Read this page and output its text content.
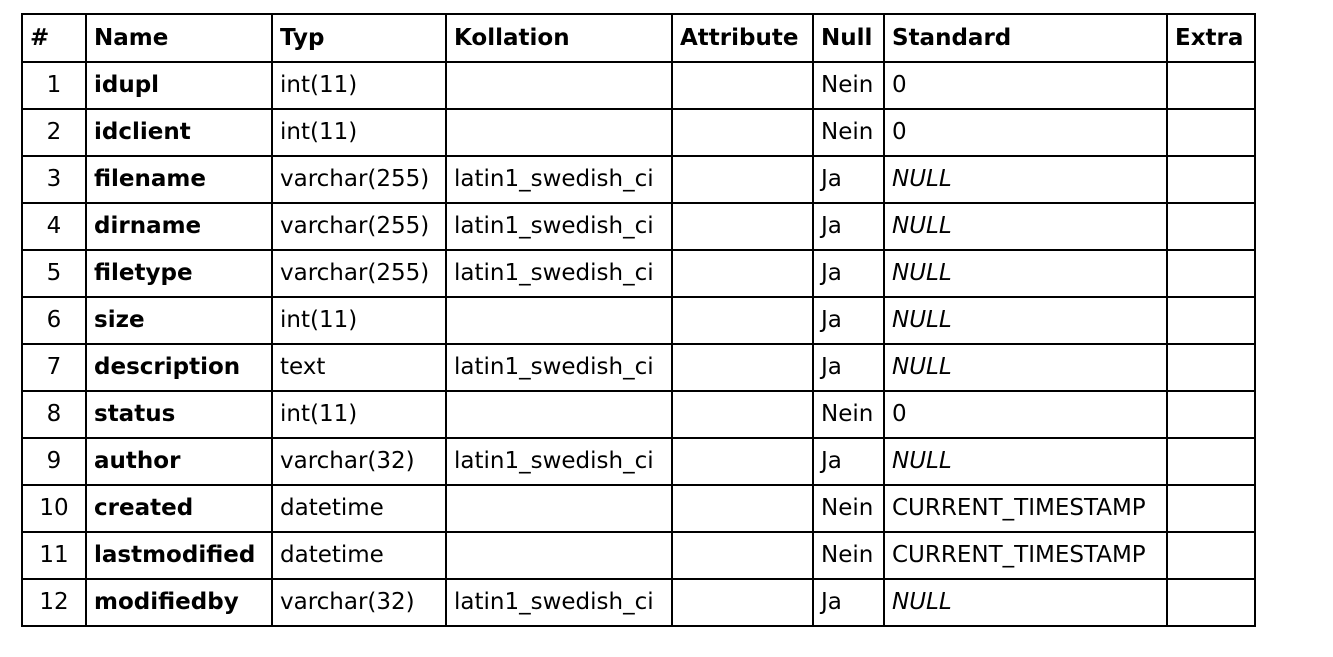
#	Name	Typ	Kollation	Attribute	Null	Standard	Extra
1	idupl	int(11)			Nein	0	
2	idclient	int(11)			Nein	0	
3	filename	varchar(255)	latin1_swedish_ci		Ja	NULL	
4	dirname	varchar(255)	latin1_swedish_ci		Ja	NULL	
5	filetype	varchar(255)	latin1_swedish_ci		Ja	NULL	
6	size	int(11)			Ja	NULL	
7	description	text	latin1_swedish_ci		Ja	NULL	
8	status	int(11)			Nein	0	
9	author	varchar(32)	latin1_swedish_ci		Ja	NULL	
10	created	datetime			Nein	CURRENT_TIMESTAMP	
11	lastmodified	datetime			Nein	CURRENT_TIMESTAMP	
12	modifiedby	varchar(32)	latin1_swedish_ci		Ja	NULL	
